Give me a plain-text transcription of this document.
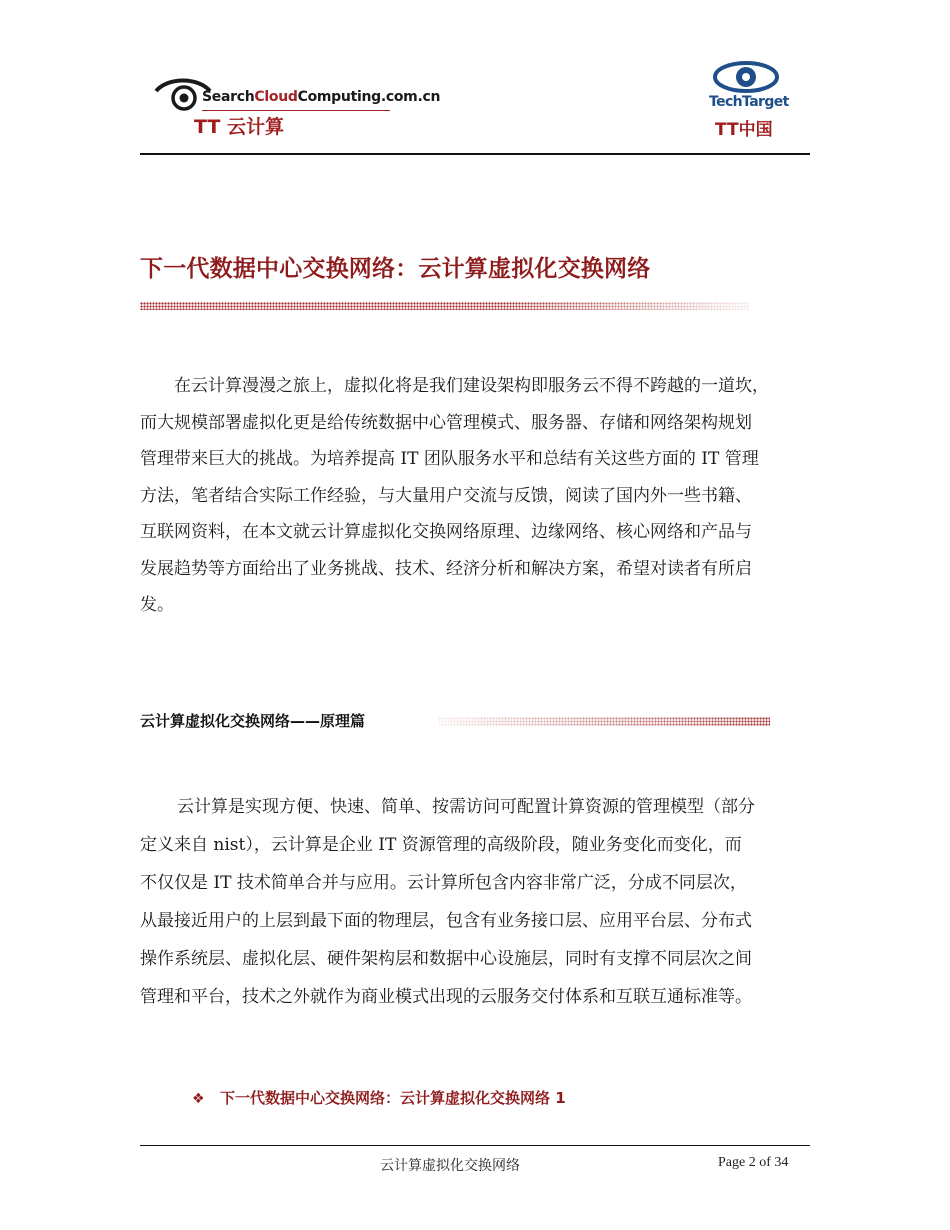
SearchCloudComputing.com.cn
TT 云计算
TechTarget
TT中国
下一代数据中心交换网络：云计算虚拟化交换网络
在云计算漫漫之旅上，虚拟化将是我们建设架构即服务云不得不跨越的一道坎，
而大规模部署虚拟化更是给传统数据中心管理模式、服务器、存储和网络架构规划
管理带来巨大的挑战。为培养提高 IT 团队服务水平和总结有关这些方面的 IT 管理
方法，笔者结合实际工作经验，与大量用户交流与反馈，阅读了国内外一些书籍、
互联网资料，在本文就云计算虚拟化交换网络原理、边缘网络、核心网络和产品与
发展趋势等方面给出了业务挑战、技术、经济分析和解决方案，希望对读者有所启
发。
云计算虚拟化交换网络——原理篇
　云计算是实现方便、快速、简单、按需访问可配置计算资源的管理模型（部分
定义来自 nist），云计算是企业 IT 资源管理的高级阶段，随业务变化而变化，而
不仅仅是 IT 技术简单合并与应用。云计算所包含内容非常广泛，分成不同层次，
从最接近用户的上层到最下面的物理层，包含有业务接口层、应用平台层、分布式
操作系统层、虚拟化层、硬件架构层和数据中心设施层，同时有支撑不同层次之间
管理和平台，技术之外就作为商业模式出现的云服务交付体系和互联互通标准等。
❖ 下一代数据中心交换网络：云计算虚拟化交换网络 1
云计算虚拟化交换网络	Page 2 of 34
